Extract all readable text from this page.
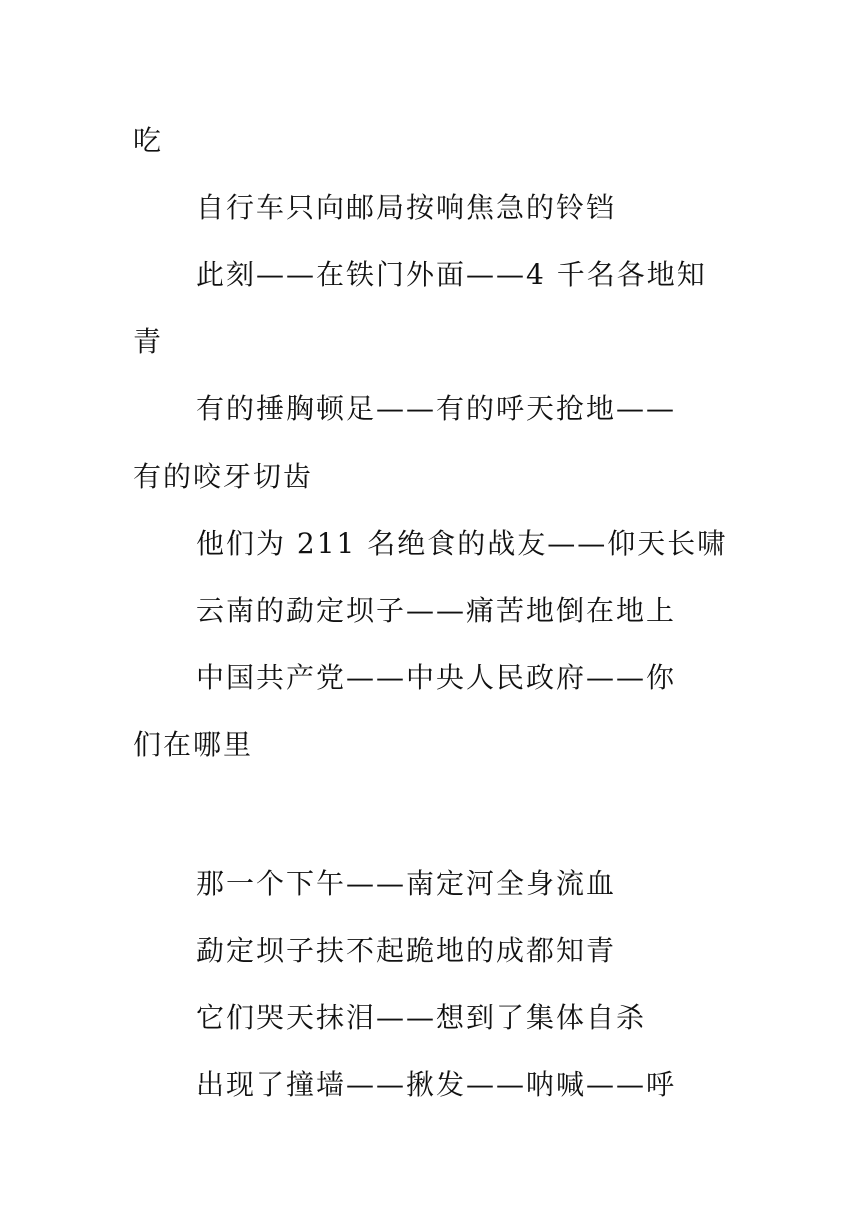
吃
自行车只向邮局按响焦急的铃铛
此刻——在铁门外面——4 千名各地知
青
有的捶胸顿足——有的呼天抢地——
有的咬牙切齿
他们为 211 名绝食的战友——仰天长啸
云南的勐定坝子——痛苦地倒在地上
中国共产党——中央人民政府——你
们在哪里
那一个下午——南定河全身流血
勐定坝子扶不起跪地的成都知青
它们哭天抹泪——想到了集体自杀
出现了撞墙——揪发——呐喊——呼
